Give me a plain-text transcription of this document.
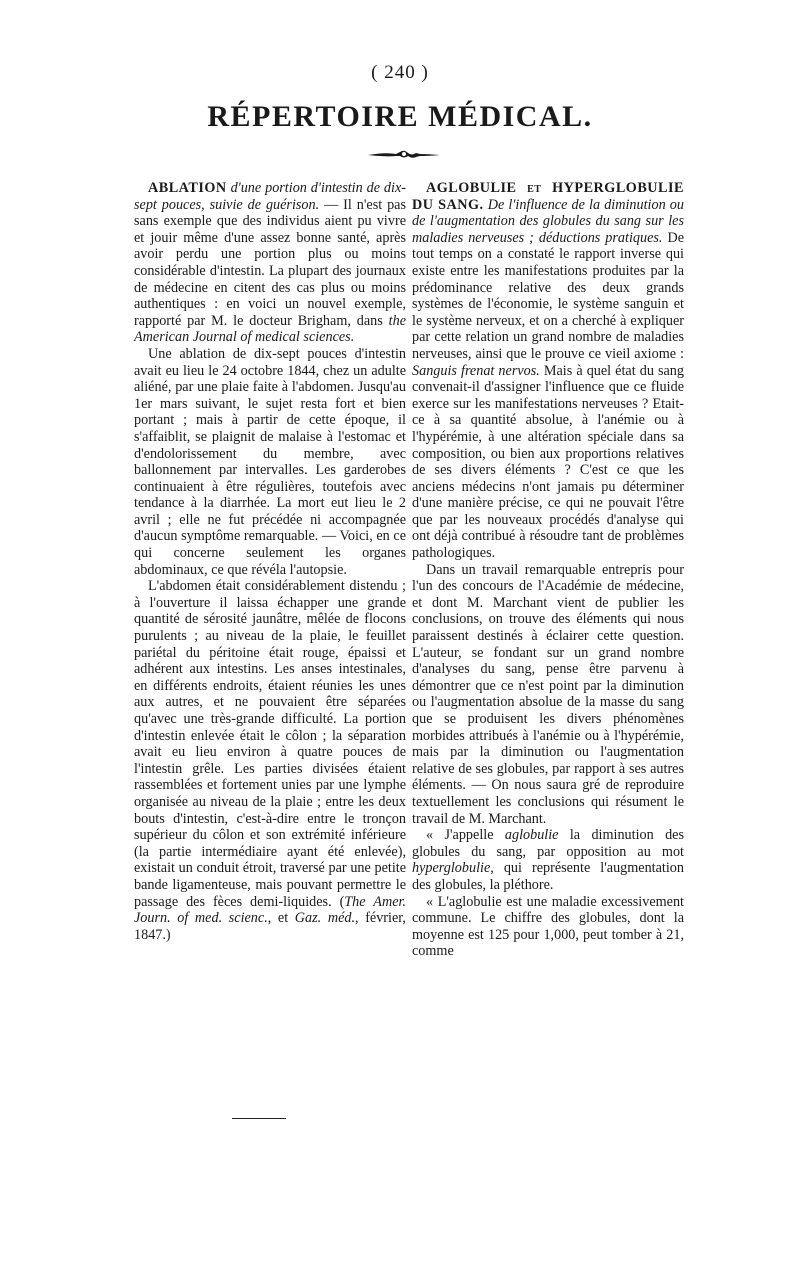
( 240 )
RÉPERTOIRE MÉDICAL.

ABLATION d'une portion d'intestin de dix-sept pouces, suivie de guérison. — Il n'est pas sans exemple que des individus aient pu vivre et jouir même d'une assez bonne santé, après avoir perdu une portion plus ou moins considérable d'intestin. La plupart des journaux de médecine en citent des cas plus ou moins authentiques : en voici un nouvel exemple, rapporté par M. le docteur Brigham, dans the American Journal of medical sciences.

Une ablation de dix-sept pouces d'intestin avait eu lieu le 24 octobre 1844, chez un adulte aliéné, par une plaie faite à l'abdomen. Jusqu'au 1er mars suivant, le sujet resta fort et bien portant ; mais à partir de cette époque, il s'affaiblit, se plaignit de malaise à l'estomac et d'endolorissement du membre, avec ballonnement par intervalles. Les garderobes continuaient à être régulières, toutefois avec tendance à la diarrhée. La mort eut lieu le 2 avril ; elle ne fut précédée ni accompagnée d'aucun symptôme remarquable. — Voici, en ce qui concerne seulement les organes abdominaux, ce que révéla l'autopsie.

L'abdomen était considérablement distendu ; à l'ouverture il laissa échapper une grande quantité de sérosité jaunâtre, mêlée de flocons purulents ; au niveau de la plaie, le feuillet pariétal du péritoine était rouge, épaissi et adhérent aux intestins. Les anses intestinales, en différents endroits, étaient réunies les unes aux autres, et ne pouvaient être séparées qu'avec une très-grande difficulté. La portion d'intestin enlevée était le côlon ; la séparation avait eu lieu environ à quatre pouces de l'intestin grêle. Les parties divisées étaient rassemblées et fortement unies par une lymphe organisée au niveau de la plaie ; entre les deux bouts d'intestin, c'est-à-dire entre le tronçon supérieur du côlon et son extrémité inférieure (la partie intermédiaire ayant été enlevée), existait un conduit étroit, traversé par une petite bande ligamenteuse, mais pouvant permettre le passage des fèces demi-liquides. (The Amer. Journ. of med. scienc., et Gaz. méd., février, 1847.)

AGLOBULIE et HYPERGLOBULIE DU SANG. De l'influence de la diminution ou de l'augmentation des globules du sang sur les maladies nerveuses ; déductions pratiques. De tout temps on a constaté le rapport inverse qui existe entre les manifestations produites par la prédominance relative des deux grands systèmes de l'économie, le système sanguin et le système nerveux, et on a cherché à expliquer par cette relation un grand nombre de maladies nerveuses, ainsi que le prouve ce vieil axiome : Sanguis frenat nervos. Mais à quel état du sang convenait-il d'assigner l'influence que ce fluide exerce sur les manifestations nerveuses ? Etait-ce à sa quantité absolue, à l'anémie ou à l'hypérémie, à une altération spéciale dans sa composition, ou bien aux proportions relatives de ses divers éléments ? C'est ce que les anciens médecins n'ont jamais pu déterminer d'une manière précise, ce qui ne pouvait l'être que par les nouveaux procédés d'analyse qui ont déjà contribué à résoudre tant de problèmes pathologiques.

Dans un travail remarquable entrepris pour l'un des concours de l'Académie de médecine, et dont M. Marchant vient de publier les conclusions, on trouve des éléments qui nous paraissent destinés à éclairer cette question. L'auteur, se fondant sur un grand nombre d'analyses du sang, pense être parvenu à démontrer que ce n'est point par la diminution ou l'augmentation absolue de la masse du sang que se produisent les divers phénomènes morbides attribués à l'anémie ou à l'hypérémie, mais par la diminution ou l'augmentation relative de ses globules, par rapport à ses autres éléments. — On nous saura gré de reproduire textuellement les conclusions qui résument le travail de M. Marchant.

« J'appelle aglobulie la diminution des globules du sang, par opposition au mot hyperglobulie, qui représente l'augmentation des globules, la pléthore.

« L'aglobulie est une maladie excessivement commune. Le chiffre des globules, dont la moyenne est 125 pour 1,000, peut tomber à 21, comme
